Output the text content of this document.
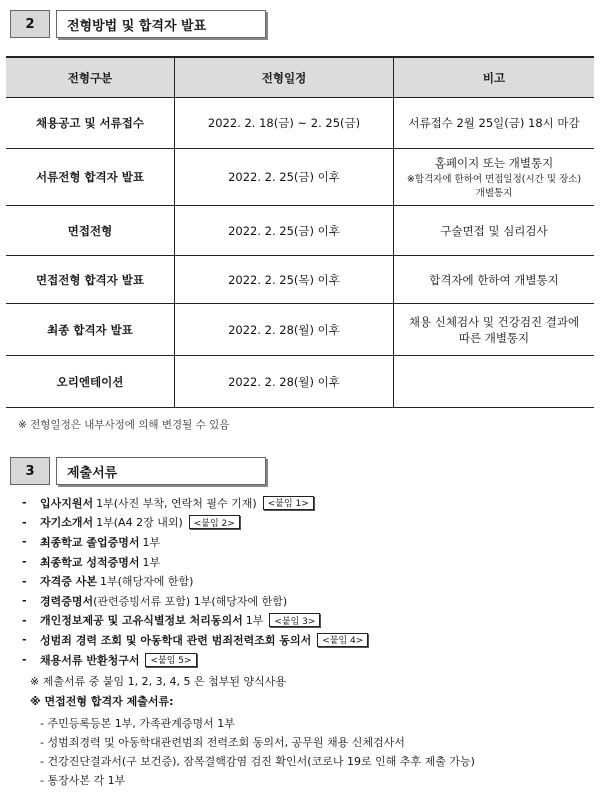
2	전형방법 및 합격자 발표
전형구분	전형일정	비고
채용공고 및 서류접수	2022. 2. 18(금) ~ 2. 25(금)	서류접수 2월 25일(금) 18시 마감

서류전형 합격자 발표	2022. 2. 25(금) 이후	홈페이지 또는 개별통지
※합격자에 한하여 면접일정(시간 및 장소)
개별통지

면접전형	2022. 2. 25(금) 이후	구술면접 및 심리검사

면접전형 합격자 발표	2022. 2. 25(목) 이후	합격자에 한하여 개별통지

최종 합격자 발표	2022. 2. 28(월) 이후	채용 신체검사 및 건강검진 결과에
따른 개별통지

오리엔테이션	2022. 2. 28(월) 이후	
※ 전형일정은 내부사정에 의해 변경될 수 있음
3	제출서류
-	입사지원서 1부(사진 부착, 연락처 필수 기재)	<붙임 1>
-	자기소개서 1부(A4 2장 내외)	<붙임 2>
-	최종학교 졸업증명서 1부
-	최종학교 성적증명서 1부
-	자격증 사본 1부(해당자에 한함)
-	경력증명서 (관련증빙서류 포함) 1부(해당자에 한함)
-	개인정보제공 및 고유식별정보 처리동의서 1부	<붙임 3>
-	성범죄 경력 조회 및 아동학대 관련 범죄전력조회 동의서	<붙임 4>
-	채용서류 반환청구서	<붙임 5>
※ 제출서류 중 붙임 1, 2, 3, 4, 5 은 첨부된 양식사용
※ 면접전형 합격자 제출서류:
- 주민등록등본 1부, 가족관계증명서 1부
- 성범죄경력 및 아동학대관련범죄 전력조회 동의서, 공무원 채용 신체검사서
- 건강진단결과서(구 보건증), 잠복결핵감염 검진 확인서(코로나 19로 인해 추후 제출 가능)
- 통장사본 각 1부
